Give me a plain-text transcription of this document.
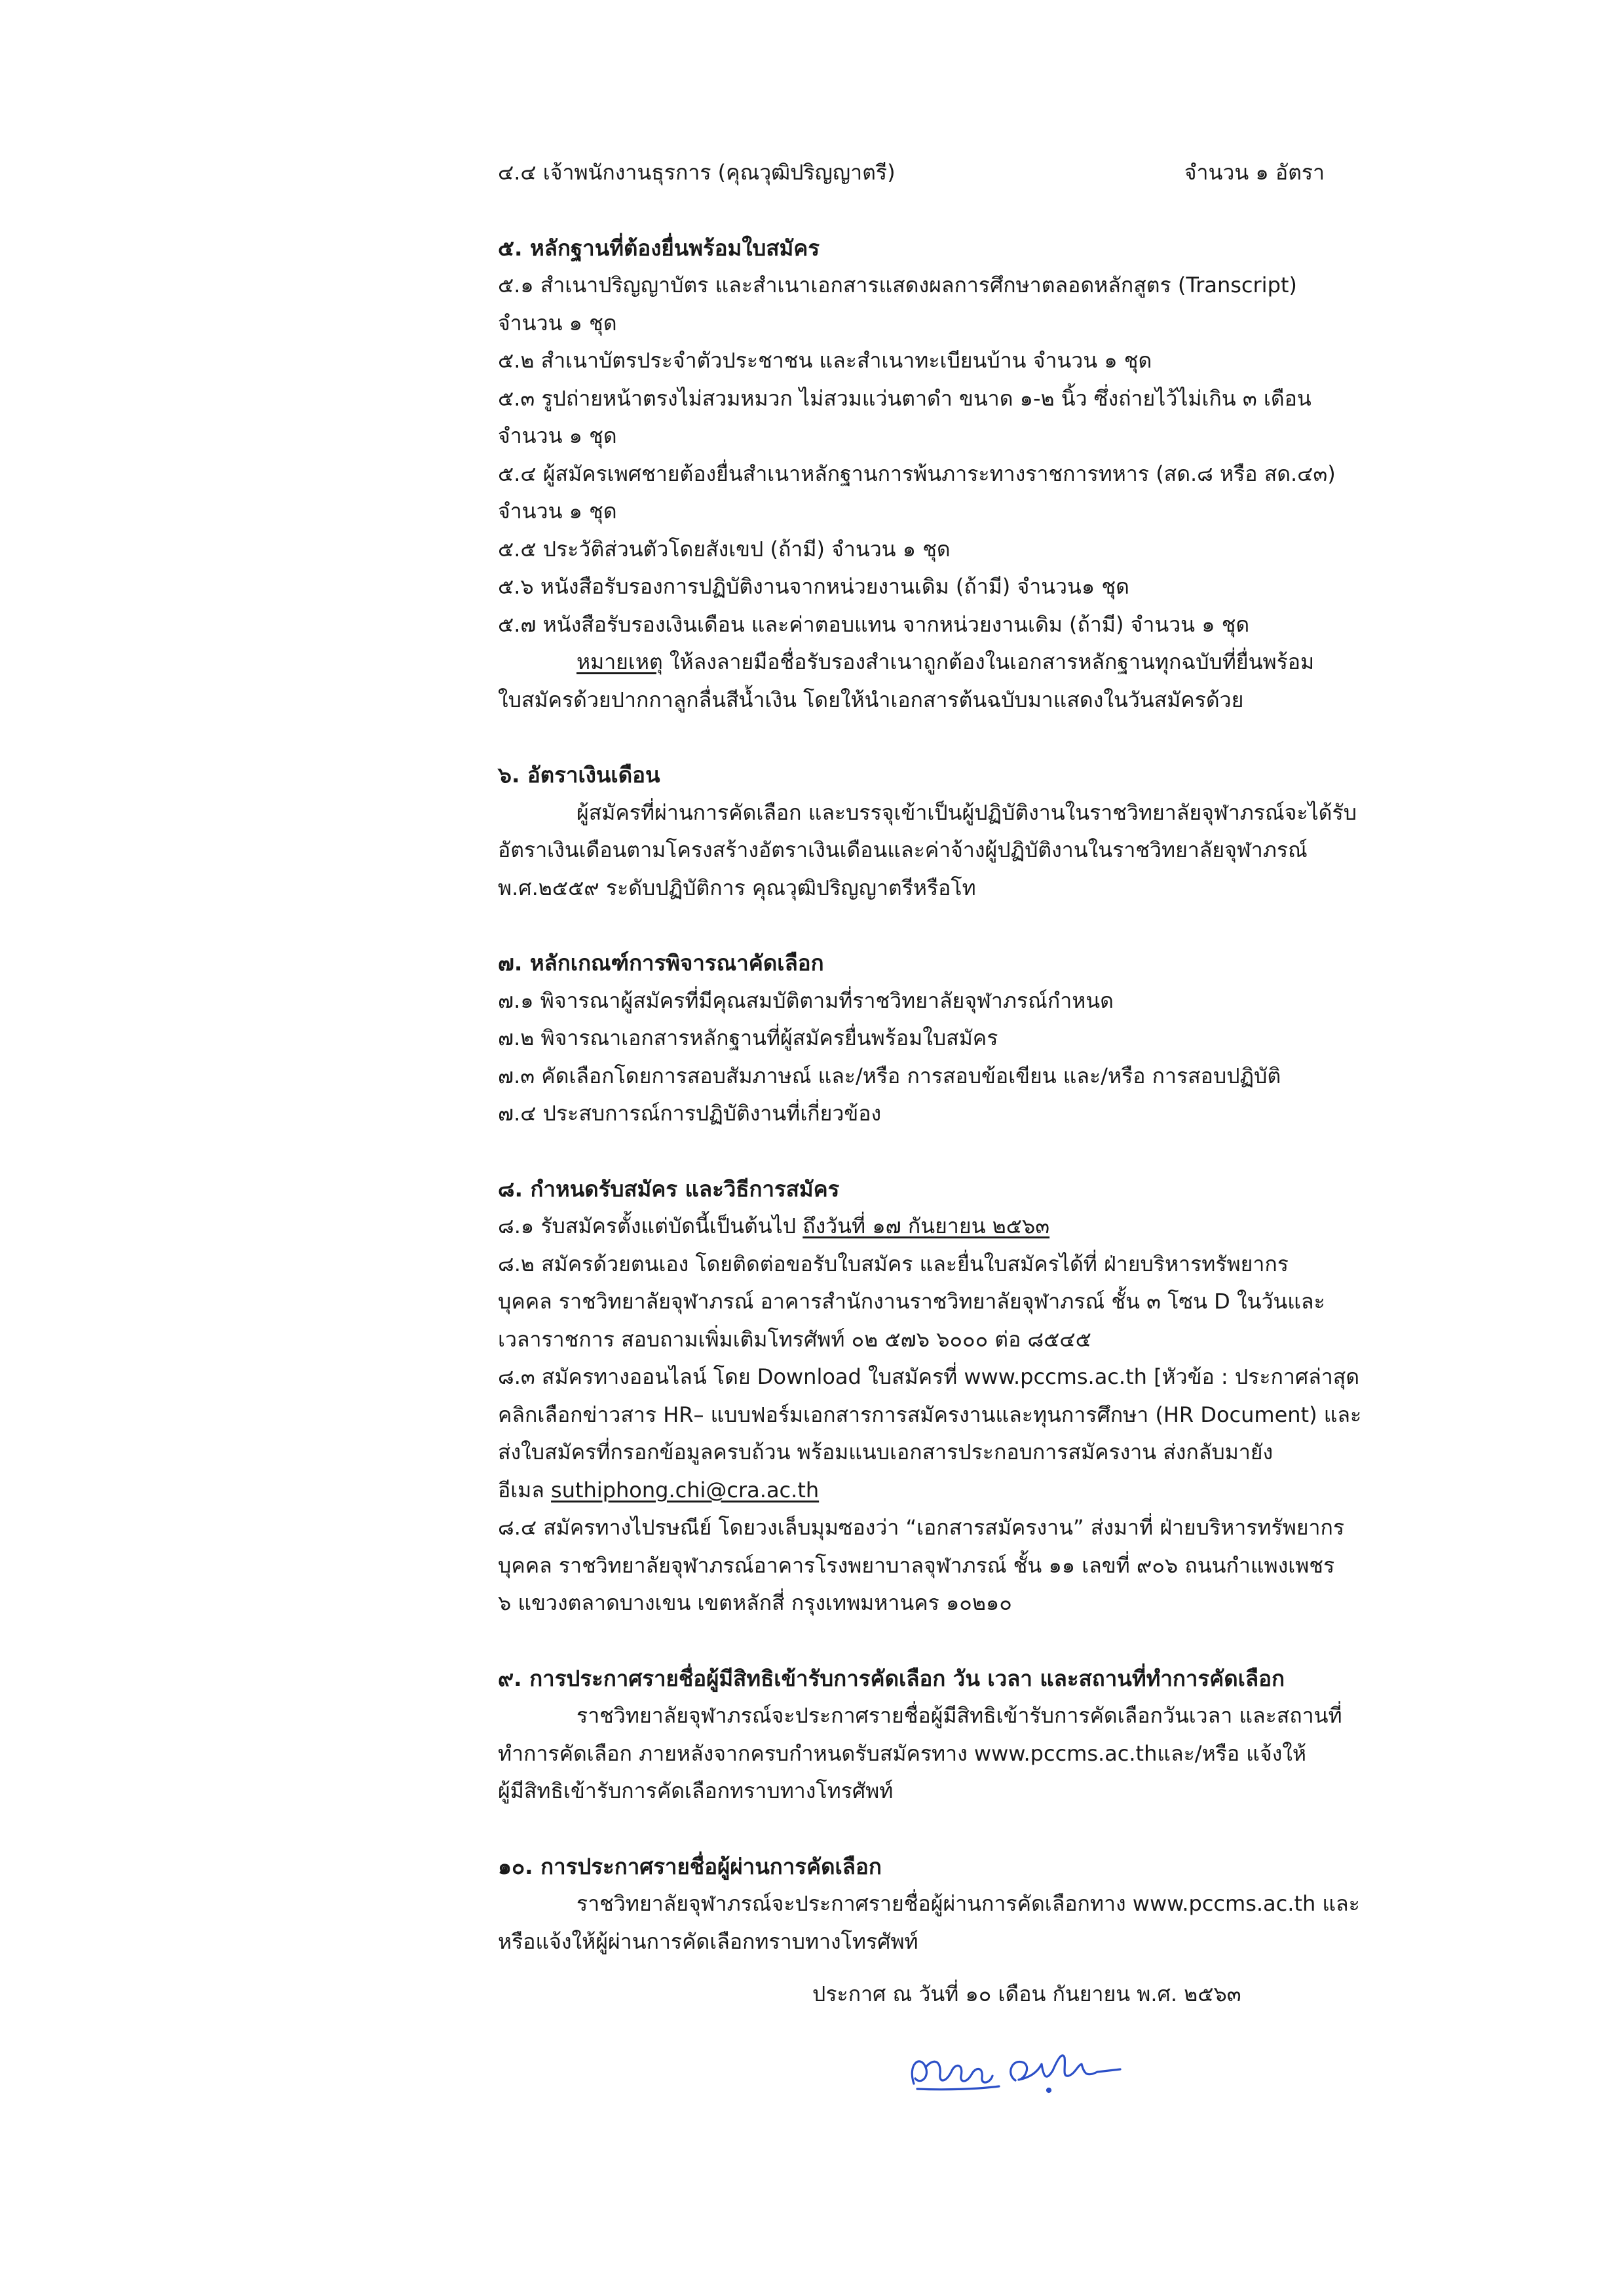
๔.๔ เจ้าพนักงานธุรการ (คุณวุฒิปริญญาตรี)	จำนวน ๑ อัตรา
๕. หลักฐานที่ต้องยื่นพร้อมใบสมัคร
๕.๑ สำเนาปริญญาบัตร และสำเนาเอกสารแสดงผลการศึกษาตลอดหลักสูตร (Transcript)
จำนวน ๑ ชุด
๕.๒ สำเนาบัตรประจำตัวประชาชน และสำเนาทะเบียนบ้าน จำนวน ๑ ชุด
๕.๓ รูปถ่ายหน้าตรงไม่สวมหมวก ไม่สวมแว่นตาดำ ขนาด ๑-๒ นิ้ว ซึ่งถ่ายไว้ไม่เกิน ๓ เดือน
จำนวน ๑ ชุด
๕.๔ ผู้สมัครเพศชายต้องยื่นสำเนาหลักฐานการพ้นภาระทางราชการทหาร (สด.๘ หรือ สด.๔๓)
จำนวน ๑ ชุด
๕.๕ ประวัติส่วนตัวโดยสังเขป (ถ้ามี) จำนวน ๑ ชุด
๕.๖ หนังสือรับรองการปฏิบัติงานจากหน่วยงานเดิม (ถ้ามี) จำนวน๑ ชุด
๕.๗ หนังสือรับรองเงินเดือน และค่าตอบแทน จากหน่วยงานเดิม (ถ้ามี) จำนวน ๑ ชุด
หมายเหตุ ให้ลงลายมือชื่อรับรองสำเนาถูกต้องในเอกสารหลักฐานทุกฉบับที่ยื่นพร้อม
ใบสมัครด้วยปากกาลูกลื่นสีน้ำเงิน โดยให้นำเอกสารต้นฉบับมาแสดงในวันสมัครด้วย
๖. อัตราเงินเดือน
ผู้สมัครที่ผ่านการคัดเลือก และบรรจุเข้าเป็นผู้ปฏิบัติงานในราชวิทยาลัยจุฬาภรณ์จะได้รับ
อัตราเงินเดือนตามโครงสร้างอัตราเงินเดือนและค่าจ้างผู้ปฏิบัติงานในราชวิทยาลัยจุฬาภรณ์
พ.ศ.๒๕๕๙ ระดับปฏิบัติการ คุณวุฒิปริญญาตรีหรือโท
๗. หลักเกณฑ์การพิจารณาคัดเลือก
๗.๑ พิจารณาผู้สมัครที่มีคุณสมบัติตามที่ราชวิทยาลัยจุฬาภรณ์กำหนด
๗.๒ พิจารณาเอกสารหลักฐานที่ผู้สมัครยื่นพร้อมใบสมัคร
๗.๓ คัดเลือกโดยการสอบสัมภาษณ์ และ/หรือ การสอบข้อเขียน และ/หรือ การสอบปฏิบัติ
๗.๔ ประสบการณ์การปฏิบัติงานที่เกี่ยวข้อง
๘. กำหนดรับสมัคร และวิธีการสมัคร
๘.๑ รับสมัครตั้งแต่บัดนี้เป็นต้นไป ถึงวันที่ ๑๗ กันยายน ๒๕๖๓
๘.๒ สมัครด้วยตนเอง โดยติดต่อขอรับใบสมัคร และยื่นใบสมัครได้ที่ ฝ่ายบริหารทรัพยากร
บุคคล ราชวิทยาลัยจุฬาภรณ์ อาคารสำนักงานราชวิทยาลัยจุฬาภรณ์ ชั้น ๓ โซน D ในวันและ
เวลาราชการ สอบถามเพิ่มเติมโทรศัพท์ ๐๒ ๕๗๖ ๖๐๐๐ ต่อ ๘๕๔๕
๘.๓ สมัครทางออนไลน์ โดย Download ใบสมัครที่ www.pccms.ac.th [หัวข้อ : ประกาศล่าสุด
คลิกเลือกข่าวสาร HR– แบบฟอร์มเอกสารการสมัครงานและทุนการศึกษา (HR Document) และ
ส่งใบสมัครที่กรอกข้อมูลครบถ้วน พร้อมแนบเอกสารประกอบการสมัครงาน ส่งกลับมายัง
อีเมล suthiphong.chi@cra.ac.th
๘.๔ สมัครทางไปรษณีย์ โดยวงเล็บมุมซองว่า “เอกสารสมัครงาน” ส่งมาที่ ฝ่ายบริหารทรัพยากร
บุคคล ราชวิทยาลัยจุฬาภรณ์อาคารโรงพยาบาลจุฬาภรณ์ ชั้น ๑๑ เลขที่ ๙๐๖ ถนนกำแพงเพชร
๖ แขวงตลาดบางเขน เขตหลักสี่ กรุงเทพมหานคร ๑๐๒๑๐
๙. การประกาศรายชื่อผู้มีสิทธิเข้ารับการคัดเลือก วัน เวลา และสถานที่ทำการคัดเลือก
ราชวิทยาลัยจุฬาภรณ์จะประกาศรายชื่อผู้มีสิทธิเข้ารับการคัดเลือกวันเวลา และสถานที่
ทำการคัดเลือก ภายหลังจากครบกำหนดรับสมัครทาง www.pccms.ac.thและ/หรือ แจ้งให้
ผู้มีสิทธิเข้ารับการคัดเลือกทราบทางโทรศัพท์
๑๐. การประกาศรายชื่อผู้ผ่านการคัดเลือก
ราชวิทยาลัยจุฬาภรณ์จะประกาศรายชื่อผู้ผ่านการคัดเลือกทาง www.pccms.ac.th และ
หรือแจ้งให้ผู้ผ่านการคัดเลือกทราบทางโทรศัพท์
ประกาศ ณ วันที่ ๑๐ เดือน กันยายน พ.ศ. ๒๕๖๓
